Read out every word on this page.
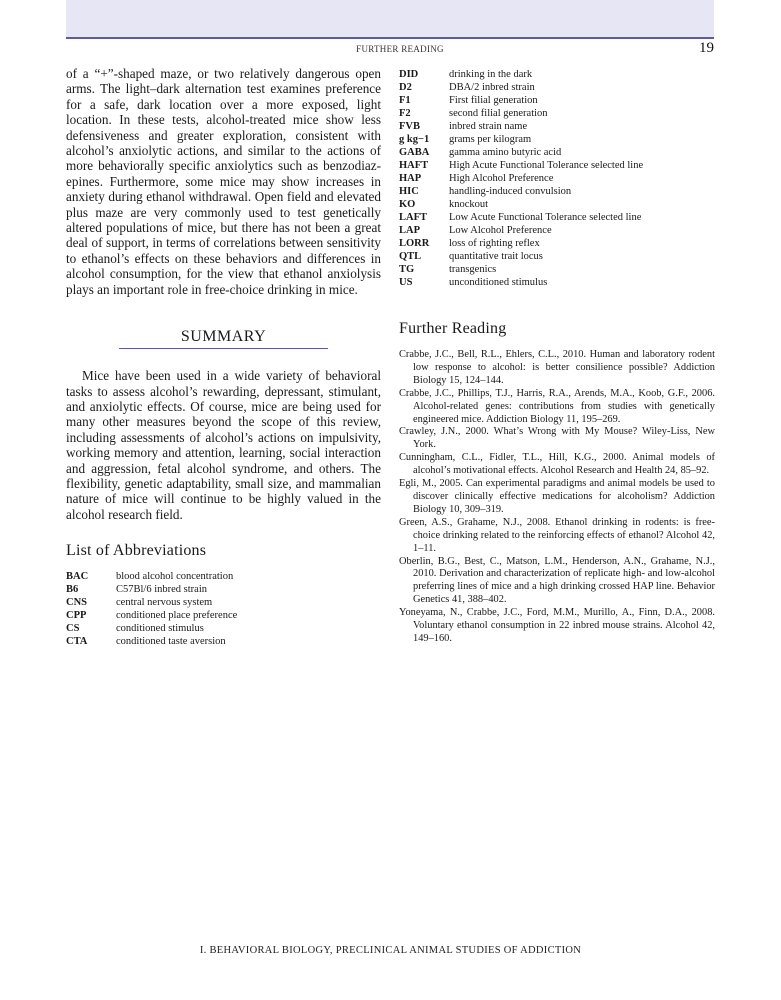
FURTHER READING	19

of a “+”-shaped maze, or two relatively dangerous open arms. The light–dark alternation test examines preference for a safe, dark location over a more exposed, light location. In these tests, alcohol-treated mice show less defensiveness and greater exploration, consistent with alcohol’s anxiolytic actions, and similar to the actions of more behaviorally specific anxiolytics such as benzodiazepines. Furthermore, some mice may show increases in anxiety during ethanol withdrawal. Open field and elevated plus maze are very commonly used to test genetically altered populations of mice, but there has not been a great deal of support, in terms of correlations between sensitivity to ethanol’s effects on these behaviors and differences in alcohol consumption, for the view that ethanol anxiolysis plays an important role in free-choice drinking in mice.

SUMMARY

Mice have been used in a wide variety of behavioral tasks to assess alcohol’s rewarding, depressant, stimulant, and anxiolytic effects. Of course, mice are being used for many other measures beyond the scope of this review, including assessments of alcohol’s actions on impulsivity, working memory and attention, learning, social interaction and aggression, fetal alcohol syndrome, and others. The flexibility, genetic adaptability, small size, and mammalian nature of mice will continue to be highly valued in the alcohol research field.

List of Abbreviations
BAC	blood alcohol concentration
B6	C57Bl/6 inbred strain
CNS	central nervous system
CPP	conditioned place preference
CS	conditioned stimulus
CTA	conditioned taste aversion
DID	drinking in the dark
D2	DBA/2 inbred strain
F1	First filial generation
F2	second filial generation
FVB	inbred strain name
g kg−1	grams per kilogram
GABA	gamma amino butyric acid
HAFT	High Acute Functional Tolerance selected line
HAP	High Alcohol Preference
HIC	handling-induced convulsion
KO	knockout
LAFT	Low Acute Functional Tolerance selected line
LAP	Low Alcohol Preference
LORR	loss of righting reflex
QTL	quantitative trait locus
TG	transgenics
US	unconditioned stimulus
Further Reading
Crabbe, J.C., Bell, R.L., Ehlers, C.L., 2010. Human and laboratory rodent low response to alcohol: is better consilience possible? Addiction Biology 15, 124–144.
Crabbe, J.C., Phillips, T.J., Harris, R.A., Arends, M.A., Koob, G.F., 2006. Alcohol-related genes: contributions from studies with genetically engineered mice. Addiction Biology 11, 195–269.
Crawley, J.N., 2000. What’s Wrong with My Mouse? Wiley-Liss, New York.
Cunningham, C.L., Fidler, T.L., Hill, K.G., 2000. Animal models of alcohol’s motivational effects. Alcohol Research and Health 24, 85–92.
Egli, M., 2005. Can experimental paradigms and animal models be used to discover clinically effective medications for alcoholism? Addiction Biology 10, 309–319.
Green, A.S., Grahame, N.J., 2008. Ethanol drinking in rodents: is free-choice drinking related to the reinforcing effects of ethanol? Alcohol 42, 1–11.
Oberlin, B.G., Best, C., Matson, L.M., Henderson, A.N., Grahame, N.J., 2010. Derivation and characterization of replicate high- and low-alcohol preferring lines of mice and a high drinking crossed HAP line. Behavior Genetics 41, 388–402.
Yoneyama, N., Crabbe, J.C., Ford, M.M., Murillo, A., Finn, D.A., 2008. Voluntary ethanol consumption in 22 inbred mouse strains. Alcohol 42, 149–160.
I. BEHAVIORAL BIOLOGY, PRECLINICAL ANIMAL STUDIES OF ADDICTION
